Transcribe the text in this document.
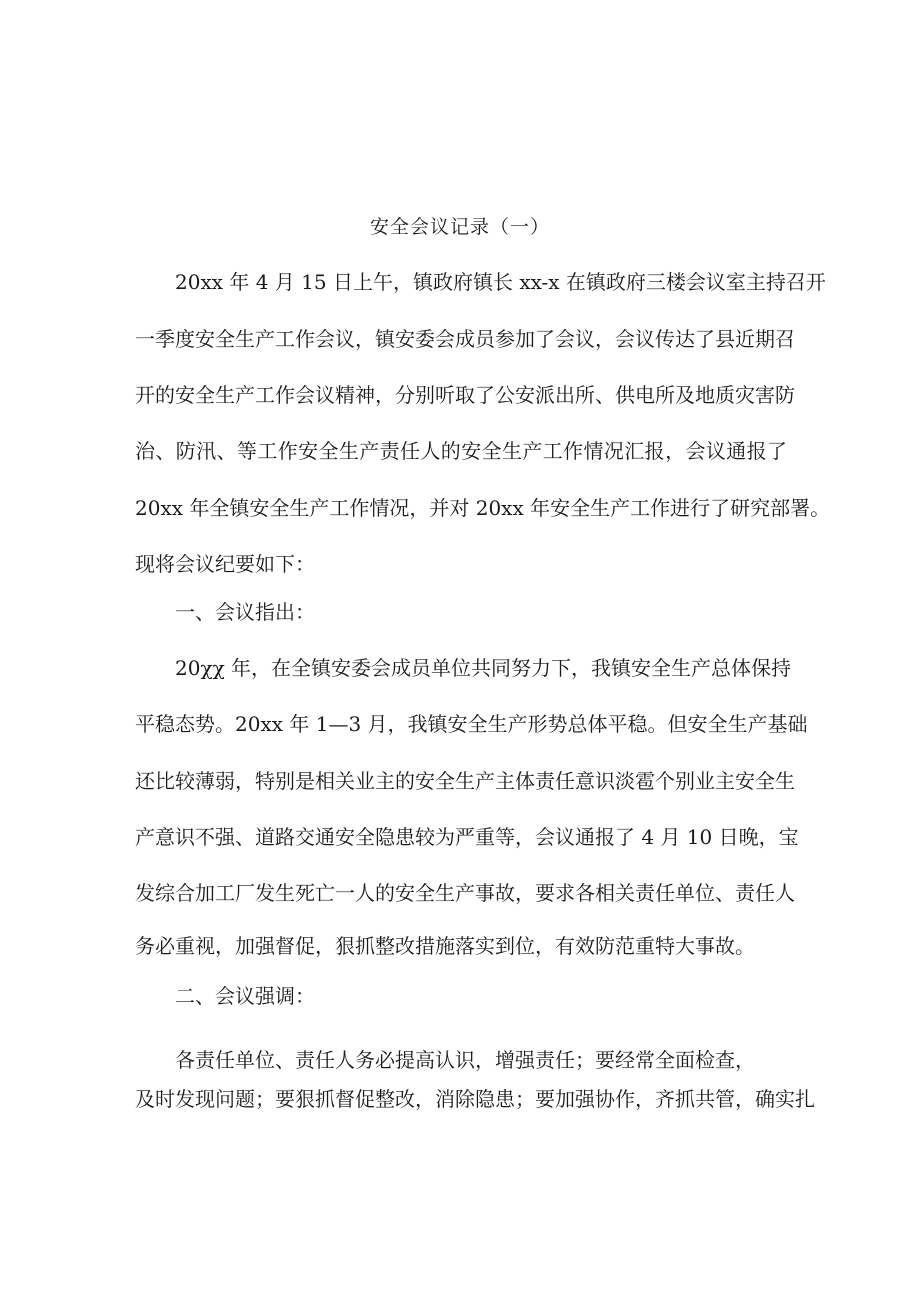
安全会议记录（一）
20xx 年 4 月 15 日上午，镇政府镇长 xx-x 在镇政府三楼会议室主持召开
一季度安全生产工作会议，镇安委会成员参加了会议，会议传达了县近期召
开的安全生产工作会议精神，分别听取了公安派出所、供电所及地质灾害防
治、防汛、等工作安全生产责任人的安全生产工作情况汇报，会议通报了
20xx 年全镇安全生产工作情况，并对 20xx 年安全生产工作进行了研究部署。
现将会议纪要如下：
一、会议指出：
20χχ 年，在全镇安委会成员单位共同努力下，我镇安全生产总体保持
平稳态势。20xx 年 1—3 月，我镇安全生产形势总体平稳。但安全生产基础
还比较薄弱，特别是相关业主的安全生产主体责任意识淡雹个别业主安全生
产意识不强、道路交通安全隐患较为严重等，会议通报了 4 月 10 日晚，宝
发综合加工厂发生死亡一人的安全生产事故，要求各相关责任单位、责任人
务必重视，加强督促，狠抓整改措施落实到位，有效防范重特大事故。
二、会议强调：
各责任单位、责任人务必提高认识，增强责任；要经常全面检查，
及时发现问题；要狠抓督促整改，消除隐患；要加强协作，齐抓共管，确实扎
